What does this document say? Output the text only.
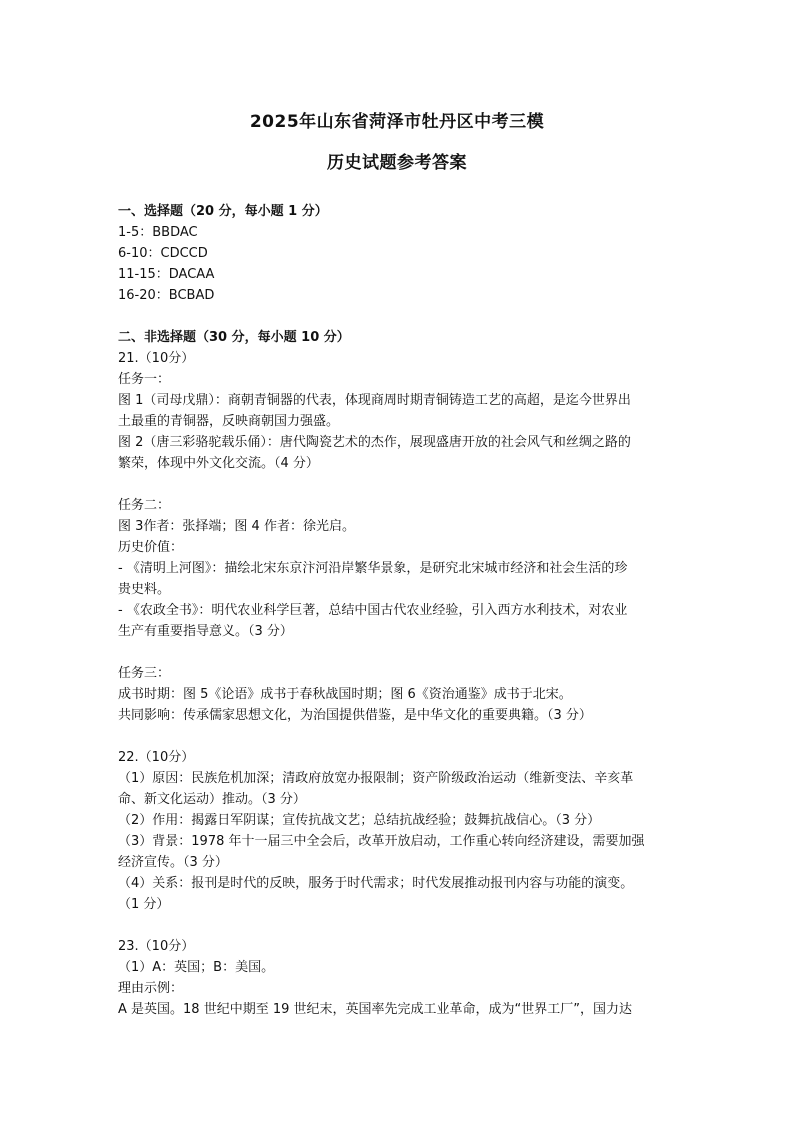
2025年山东省菏泽市牡丹区中考三模
历史试题参考答案
一、选择题（20 分，每小题 1 分）
1-5：BBDAC
6-10：CDCCD
11-15：DACAA
16-20：BCBAD
二、非选择题（30 分，每小题 10 分）
21.（10分）
任务一：
图 1（司母戊鼎）：商朝青铜器的代表，体现商周时期青铜铸造工艺的高超，是迄今世界出
土最重的青铜器，反映商朝国力强盛。
图 2（唐三彩骆驼载乐俑）：唐代陶瓷艺术的杰作，展现盛唐开放的社会风气和丝绸之路的
繁荣，体现中外文化交流。（4 分）
任务二：
图 3作者：张择端；图 4 作者：徐光启。
历史价值：
- 《清明上河图》：描绘北宋东京汴河沿岸繁华景象，是研究北宋城市经济和社会生活的珍
贵史料。
- 《农政全书》：明代农业科学巨著，总结中国古代农业经验，引入西方水利技术，对农业
生产有重要指导意义。（3 分）
任务三：
成书时期：图 5《论语》成书于春秋战国时期；图 6《资治通鉴》成书于北宋。
共同影响：传承儒家思想文化，为治国提供借鉴，是中华文化的重要典籍。（3 分）
22.（10分）
（1）原因：民族危机加深；清政府放宽办报限制；资产阶级政治运动（维新变法、辛亥革
命、新文化运动）推动。（3 分）
（2）作用：揭露日军阴谋；宣传抗战文艺；总结抗战经验；鼓舞抗战信心。（3 分）
（3）背景：1978 年十一届三中全会后，改革开放启动，工作重心转向经济建设，需要加强
经济宣传。（3 分）
（4）关系：报刊是时代的反映，服务于时代需求；时代发展推动报刊内容与功能的演变。
（1 分）
23.（10分）
（1）A：英国；B：美国。
理由示例：
A 是英国。18 世纪中期至 19 世纪末，英国率先完成工业革命，成为“世界工厂”，国力达
